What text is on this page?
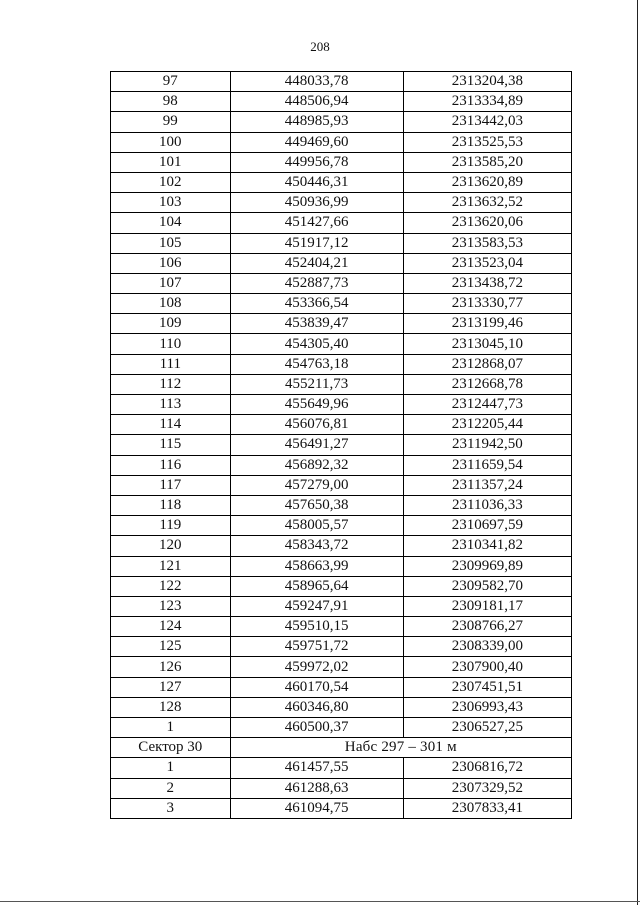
208
97	448033,78	2313204,38
98	448506,94	2313334,89
99	448985,93	2313442,03
100	449469,60	2313525,53
101	449956,78	2313585,20
102	450446,31	2313620,89
103	450936,99	2313632,52
104	451427,66	2313620,06
105	451917,12	2313583,53
106	452404,21	2313523,04
107	452887,73	2313438,72
108	453366,54	2313330,77
109	453839,47	2313199,46
110	454305,40	2313045,10
111	454763,18	2312868,07
112	455211,73	2312668,78
113	455649,96	2312447,73
114	456076,81	2312205,44
115	456491,27	2311942,50
116	456892,32	2311659,54
117	457279,00	2311357,24
118	457650,38	2311036,33
119	458005,57	2310697,59
120	458343,72	2310341,82
121	458663,99	2309969,89
122	458965,64	2309582,70
123	459247,91	2309181,17
124	459510,15	2308766,27
125	459751,72	2308339,00
126	459972,02	2307900,40
127	460170,54	2307451,51
128	460346,80	2306993,43
1	460500,37	2306527,25
Сектор 30	Набс 297 – 301 м	
1	461457,55	2306816,72
2	461288,63	2307329,52
3	461094,75	2307833,41
